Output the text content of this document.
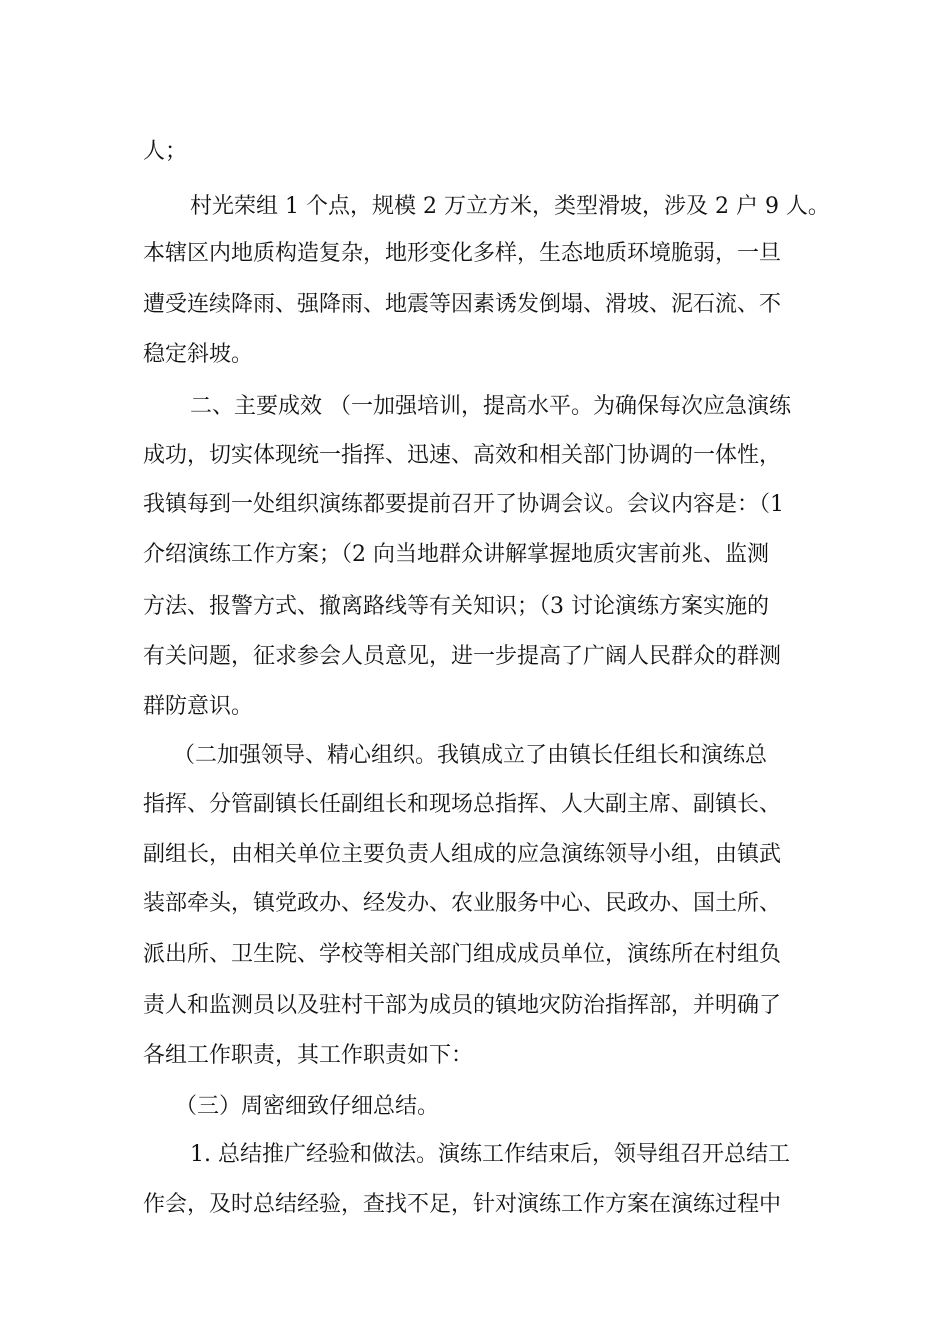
人；

村光荣组 1 个点，规模 2 万立方米，类型滑坡，涉及 2 户 9 人。

本辖区内地质构造复杂，地形变化多样，生态地质环境脆弱，一旦

遭受连续降雨、强降雨、地震等因素诱发倒塌、滑坡、泥石流、不

稳定斜坡。

二、主要成效 （一加强培训，提高水平。为确保每次应急演练

成功，切实体现统一指挥、迅速、高效和相关部门协调的一体性，

我镇每到一处组织演练都要提前召开了协调会议。会议内容是：（1

介绍演练工作方案；（2 向当地群众讲解掌握地质灾害前兆、监测

方法、报警方式、撤离路线等有关知识；（3 讨论演练方案实施的

有关问题，征求参会人员意见，进一步提高了广阔人民群众的群测

群防意识。

（二加强领导、精心组织。我镇成立了由镇长任组长和演练总

指挥、分管副镇长任副组长和现场总指挥、人大副主席、副镇长、

副组长，由相关单位主要负责人组成的应急演练领导小组，由镇武

装部牵头，镇党政办、经发办、农业服务中心、民政办、国土所、

派出所、卫生院、学校等相关部门组成成员单位，演练所在村组负

责人和监测员以及驻村干部为成员的镇地灾防治指挥部，并明确了

各组工作职责，其工作职责如下：

（三）周密细致仔细总结。

1. 总结推广经验和做法。演练工作结束后，领导组召开总结工

作会，及时总结经验，查找不足，针对演练工作方案在演练过程中
